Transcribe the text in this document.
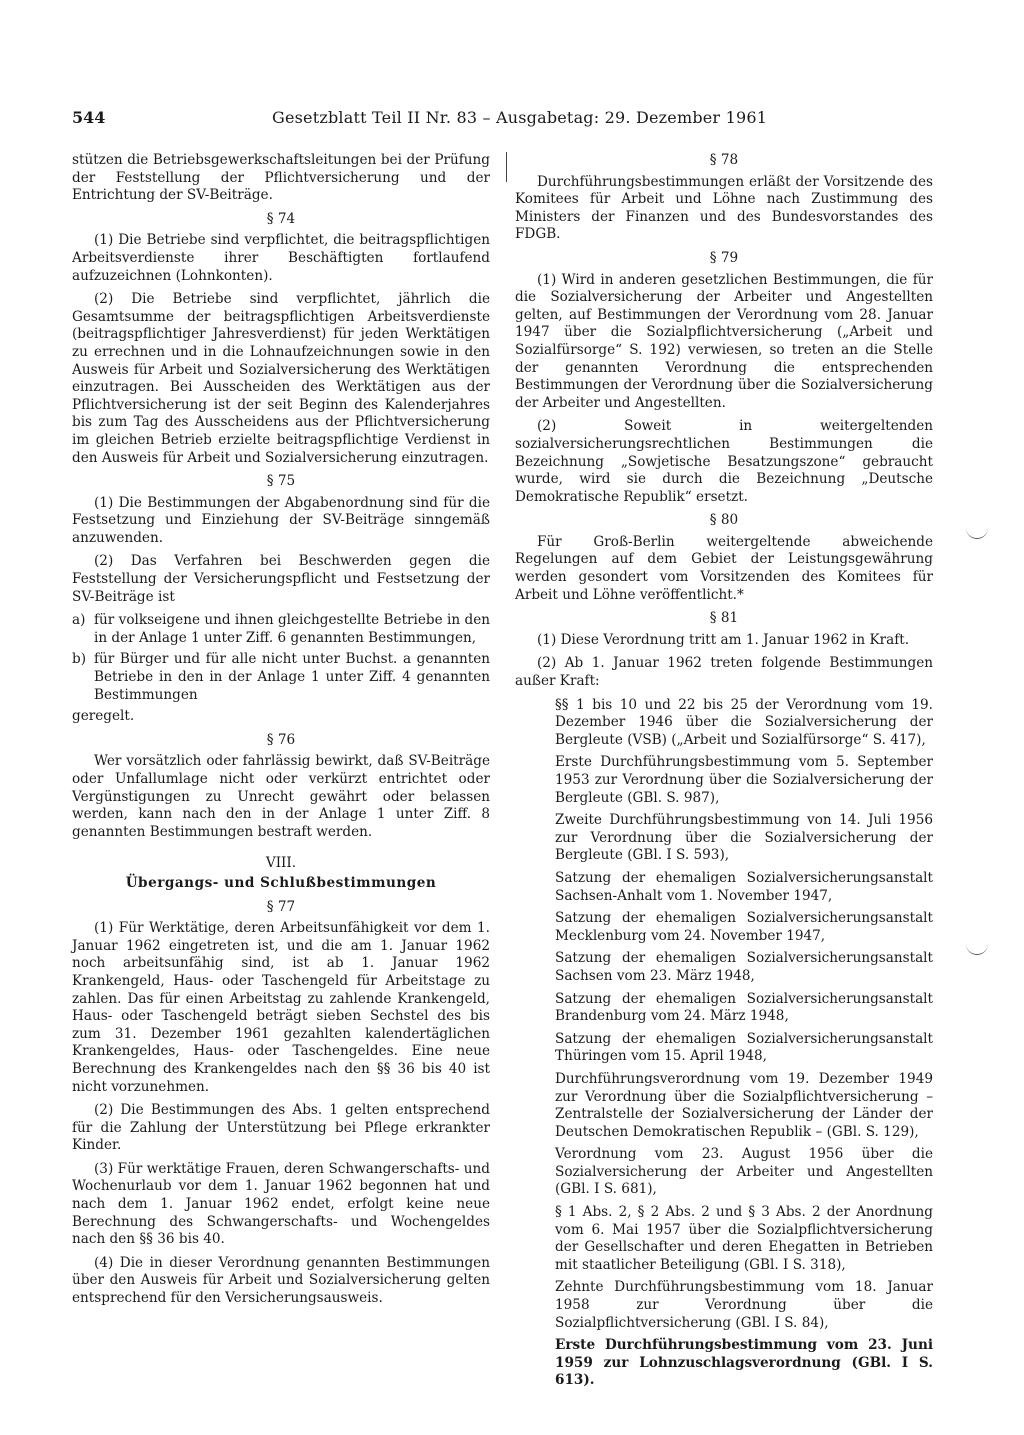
544	Gesetzblatt Teil II Nr. 83 – Ausgabetag: 29. Dezember 1961

stützen die Betriebsgewerkschaftsleitungen bei der Prüfung der Feststellung der Pflichtversicherung und der Entrichtung der SV-Beiträge.

§ 74

(1) Die Betriebe sind verpflichtet, die beitragspflichtigen Arbeitsverdienste ihrer Beschäftigten fortlaufend aufzuzeichnen (Lohnkonten).

(2) Die Betriebe sind verpflichtet, jährlich die Gesamtsumme der beitragspflichtigen Arbeitsverdienste (beitragspflichtiger Jahresverdienst) für jeden Werktätigen zu errechnen und in die Lohnaufzeichnungen sowie in den Ausweis für Arbeit und Sozialversicherung des Werktätigen einzutragen. Bei Ausscheiden des Werktätigen aus der Pflichtversicherung ist der seit Beginn des Kalenderjahres bis zum Tag des Ausscheidens aus der Pflichtversicherung im gleichen Betrieb erzielte beitragspflichtige Verdienst in den Ausweis für Arbeit und Sozialversicherung einzutragen.

§ 75

(1) Die Bestimmungen der Abgabenordnung sind für die Festsetzung und Einziehung der SV-Beiträge sinngemäß anzuwenden.

(2) Das Verfahren bei Beschwerden gegen die Feststellung der Versicherungspflicht und Festsetzung der SV-Beiträge ist

a) für volkseigene und ihnen gleichgestellte Betriebe in den in der Anlage 1 unter Ziff. 6 genannten Bestimmungen,
b) für Bürger und für alle nicht unter Buchst. a genannten Betriebe in den in der Anlage 1 unter Ziff. 4 genannten Bestimmungen

geregelt.

§ 76

Wer vorsätzlich oder fahrlässig bewirkt, daß SV-Beiträge oder Unfallumlage nicht oder verkürzt entrichtet oder Vergünstigungen zu Unrecht gewährt oder belassen werden, kann nach den in der Anlage 1 unter Ziff. 8 genannten Bestimmungen bestraft werden.

VIII.
Übergangs- und Schlußbestimmungen
§ 77

(1) Für Werktätige, deren Arbeitsunfähigkeit vor dem 1. Januar 1962 eingetreten ist, und die am 1. Januar 1962 noch arbeitsunfähig sind, ist ab 1. Januar 1962 Krankengeld, Haus- oder Taschengeld für Arbeitstage zu zahlen. Das für einen Arbeitstag zu zahlende Krankengeld, Haus- oder Taschengeld beträgt sieben Sechstel des bis zum 31. Dezember 1961 gezahlten kalendertäglichen Krankengeldes, Haus- oder Taschengeldes. Eine neue Berechnung des Krankengeldes nach den §§ 36 bis 40 ist nicht vorzunehmen.

(2) Die Bestimmungen des Abs. 1 gelten entsprechend für die Zahlung der Unterstützung bei Pflege erkrankter Kinder.

(3) Für werktätige Frauen, deren Schwangerschafts- und Wochenurlaub vor dem 1. Januar 1962 begonnen hat und nach dem 1. Januar 1962 endet, erfolgt keine neue Berechnung des Schwangerschafts- und Wochengeldes nach den §§ 36 bis 40.

(4) Die in dieser Verordnung genannten Bestimmungen über den Ausweis für Arbeit und Sozialversicherung gelten entsprechend für den Versicherungsausweis.

§ 78

Durchführungsbestimmungen erläßt der Vorsitzende des Komitees für Arbeit und Löhne nach Zustimmung des Ministers der Finanzen und des Bundesvorstandes des FDGB.

§ 79

(1) Wird in anderen gesetzlichen Bestimmungen, die für die Sozialversicherung der Arbeiter und Angestellten gelten, auf Bestimmungen der Verordnung vom 28. Januar 1947 über die Sozialpflichtversicherung („Arbeit und Sozialfürsorge“ S. 192) verwiesen, so treten an die Stelle der genannten Verordnung die entsprechenden Bestimmungen der Verordnung über die Sozialversicherung der Arbeiter und Angestellten.

(2) Soweit in weitergeltenden sozialversicherungsrechtlichen Bestimmungen die Bezeichnung „Sowjetische Besatzungszone“ gebraucht wurde, wird sie durch die Bezeichnung „Deutsche Demokratische Republik“ ersetzt.

§ 80

Für Groß-Berlin weitergeltende abweichende Regelungen auf dem Gebiet der Leistungsgewährung werden gesondert vom Vorsitzenden des Komitees für Arbeit und Löhne veröffentlicht.*

§ 81

(1) Diese Verordnung tritt am 1. Januar 1962 in Kraft.

(2) Ab 1. Januar 1962 treten folgende Bestimmungen außer Kraft:

§§ 1 bis 10 und 22 bis 25 der Verordnung vom 19. Dezember 1946 über die Sozialversicherung der Bergleute (VSB) („Arbeit und Sozialfürsorge“ S. 417),
Erste Durchführungsbestimmung vom 5. September 1953 zur Verordnung über die Sozialversicherung der Bergleute (GBl. S. 987),
Zweite Durchführungsbestimmung von 14. Juli 1956 zur Verordnung über die Sozialversicherung der Bergleute (GBl. I S. 593),
Satzung der ehemaligen Sozialversicherungsanstalt Sachsen-Anhalt vom 1. November 1947,
Satzung der ehemaligen Sozialversicherungsanstalt Mecklenburg vom 24. November 1947,
Satzung der ehemaligen Sozialversicherungsanstalt Sachsen vom 23. März 1948,
Satzung der ehemaligen Sozialversicherungsanstalt Brandenburg vom 24. März 1948,
Satzung der ehemaligen Sozialversicherungsanstalt Thüringen vom 15. April 1948,
Durchführungsverordnung vom 19. Dezember 1949 zur Verordnung über die Sozialpflichtversicherung – Zentralstelle der Sozialversicherung der Länder der Deutschen Demokratischen Republik – (GBl. S. 129),
Verordnung vom 23. August 1956 über die Sozialversicherung der Arbeiter und Angestellten (GBl. I S. 681),
§ 1 Abs. 2, § 2 Abs. 2 und § 3 Abs. 2 der Anordnung vom 6. Mai 1957 über die Sozialpflichtversicherung der Gesellschafter und deren Ehegatten in Betrieben mit staatlicher Beteiligung (GBl. I S. 318),
Zehnte Durchführungsbestimmung vom 18. Januar 1958 zur Verordnung über die Sozialpflichtversicherung (GBl. I S. 84),
Erste Durchführungsbestimmung vom 23. Juni 1959 zur Lohnzuschlagsverordnung (GBl. I S. 613).
